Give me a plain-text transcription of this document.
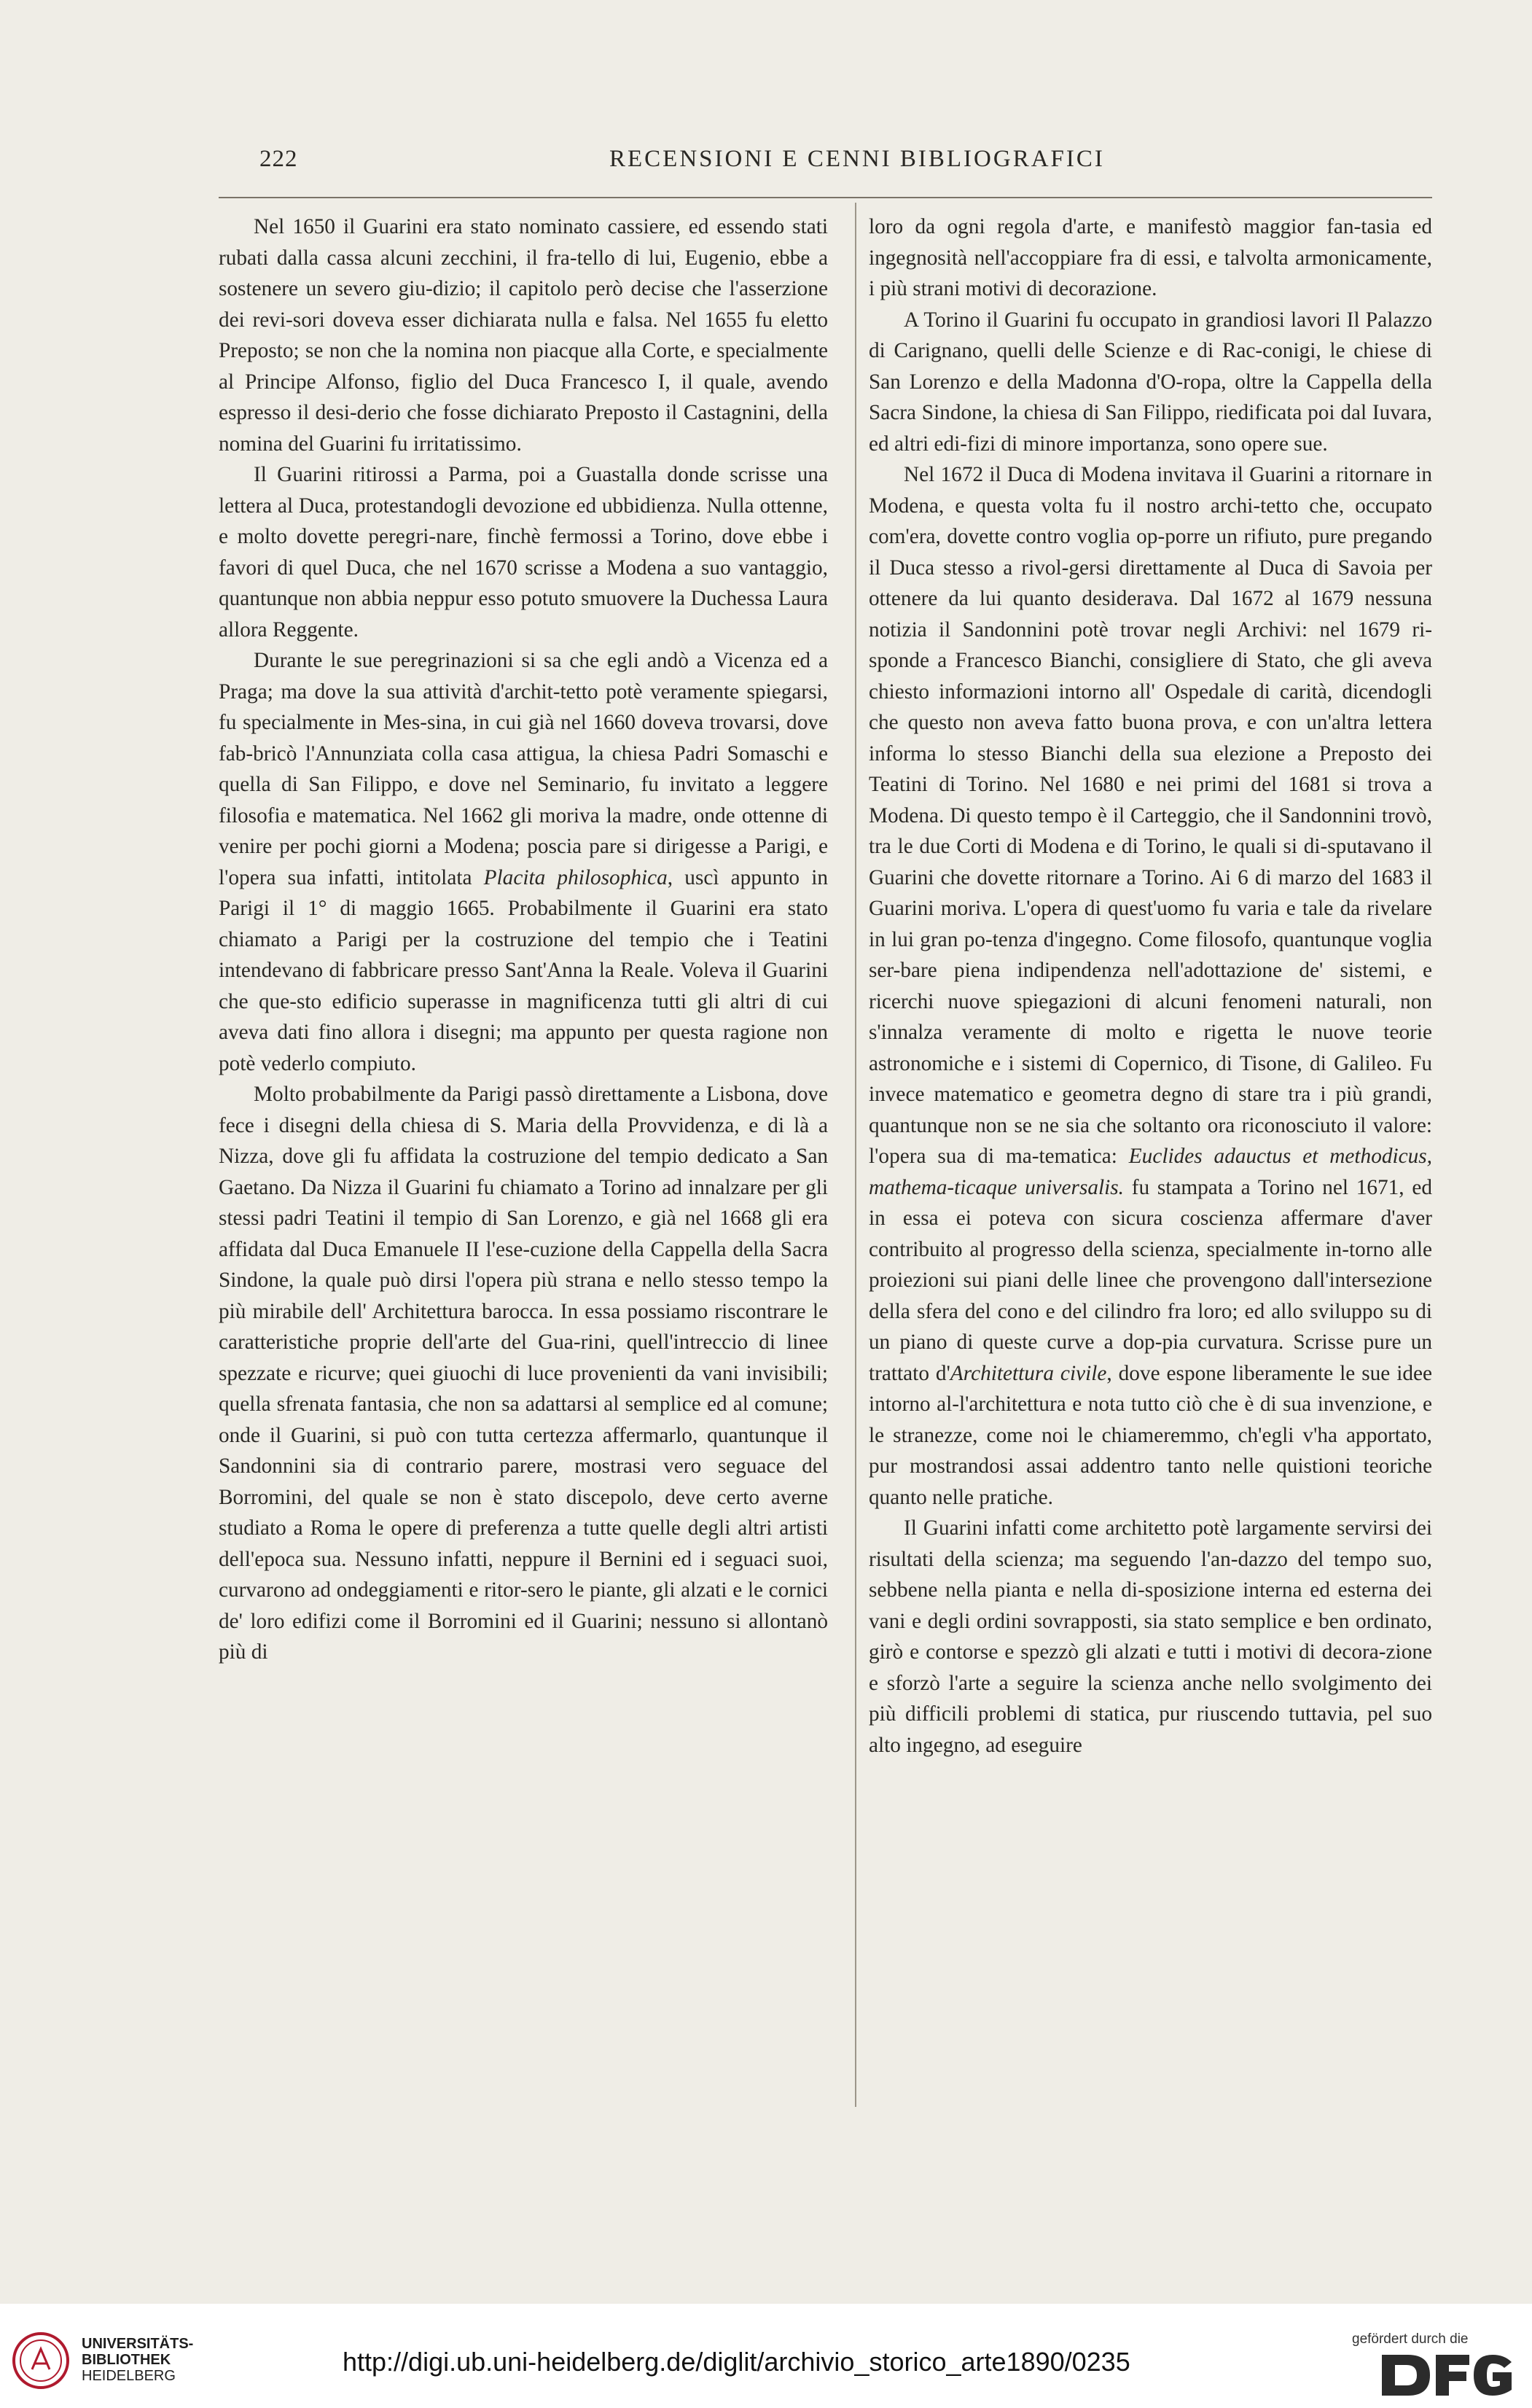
222	RECENSIONI E CENNI BIBLIOGRAFICI

Nel 1650 il Guarini era stato nominato cassiere, ed essendo stati rubati dalla cassa alcuni zecchini, il fra-tello di lui, Eugenio, ebbe a sostenere un severo giu-dizio; il capitolo però decise che l'asserzione dei revi-sori doveva esser dichiarata nulla e falsa. Nel 1655 fu eletto Preposto; se non che la nomina non piacque alla Corte, e specialmente al Principe Alfonso, figlio del Duca Francesco I, il quale, avendo espresso il desi-derio che fosse dichiarato Preposto il Castagnini, della nomina del Guarini fu irritatissimo.

Il Guarini ritirossi a Parma, poi a Guastalla donde scrisse una lettera al Duca, protestandogli devozione ed ubbidienza. Nulla ottenne, e molto dovette peregri-nare, finchè fermossi a Torino, dove ebbe i favori di quel Duca, che nel 1670 scrisse a Modena a suo vantaggio, quantunque non abbia neppur esso potuto smuovere la Duchessa Laura allora Reggente.

Durante le sue peregrinazioni si sa che egli andò a Vicenza ed a Praga; ma dove la sua attività d'archit-tetto potè veramente spiegarsi, fu specialmente in Mes-sina, in cui già nel 1660 doveva trovarsi, dove fab-bricò l'Annunziata colla casa attigua, la chiesa Padri Somaschi e quella di San Filippo, e dove nel Seminario, fu invitato a leggere filosofia e matematica. Nel 1662 gli moriva la madre, onde ottenne di venire per pochi giorni a Modena; poscia pare si dirigesse a Parigi, e l'opera sua infatti, intitolata Placita philosophica, uscì appunto in Parigi il 1° di maggio 1665. Probabilmente il Guarini era stato chiamato a Parigi per la costruzione del tempio che i Teatini intendevano di fabbricare presso Sant'Anna la Reale. Voleva il Guarini che que-sto edificio superasse in magnificenza tutti gli altri di cui aveva dati fino allora i disegni; ma appunto per questa ragione non potè vederlo compiuto.

Molto probabilmente da Parigi passò direttamente a Lisbona, dove fece i disegni della chiesa di S. Maria della Provvidenza, e di là a Nizza, dove gli fu affidata la costruzione del tempio dedicato a San Gaetano. Da Nizza il Guarini fu chiamato a Torino ad innalzare per gli stessi padri Teatini il tempio di San Lorenzo, e già nel 1668 gli era affidata dal Duca Emanuele II l'ese-cuzione della Cappella della Sacra Sindone, la quale può dirsi l'opera più strana e nello stesso tempo la più mirabile dell' Architettura barocca. In essa possiamo riscontrare le caratteristiche proprie dell'arte del Gua-rini, quell'intreccio di linee spezzate e ricurve; quei giuochi di luce provenienti da vani invisibili; quella sfrenata fantasia, che non sa adattarsi al semplice ed al comune; onde il Guarini, si può con tutta certezza affermarlo, quantunque il Sandonnini sia di contrario parere, mostrasi vero seguace del Borromini, del quale se non è stato discepolo, deve certo averne studiato a Roma le opere di preferenza a tutte quelle degli altri artisti dell'epoca sua. Nessuno infatti, neppure il Bernini ed i seguaci suoi, curvarono ad ondeggiamenti e ritor-sero le piante, gli alzati e le cornici de' loro edifizi come il Borromini ed il Guarini; nessuno si allontanò più di

loro da ogni regola d'arte, e manifestò maggior fan-tasia ed ingegnosità nell'accoppiare fra di essi, e talvolta armonicamente, i più strani motivi di decorazione.

A Torino il Guarini fu occupato in grandiosi lavori Il Palazzo di Carignano, quelli delle Scienze e di Rac-conigi, le chiese di San Lorenzo e della Madonna d'O-ropa, oltre la Cappella della Sacra Sindone, la chiesa di San Filippo, riedificata poi dal Iuvara, ed altri edi-fizi di minore importanza, sono opere sue.

Nel 1672 il Duca di Modena invitava il Guarini a ritornare in Modena, e questa volta fu il nostro archi-tetto che, occupato com'era, dovette contro voglia op-porre un rifiuto, pure pregando il Duca stesso a rivol-gersi direttamente al Duca di Savoia per ottenere da lui quanto desiderava. Dal 1672 al 1679 nessuna notizia il Sandonnini potè trovar negli Archivi: nel 1679 ri-sponde a Francesco Bianchi, consigliere di Stato, che gli aveva chiesto informazioni intorno all' Ospedale di carità, dicendogli che questo non aveva fatto buona prova, e con un'altra lettera informa lo stesso Bianchi della sua elezione a Preposto dei Teatini di Torino. Nel 1680 e nei primi del 1681 si trova a Modena. Di questo tempo è il Carteggio, che il Sandonnini trovò, tra le due Corti di Modena e di Torino, le quali si di-sputavano il Guarini che dovette ritornare a Torino. Ai 6 di marzo del 1683 il Guarini moriva. L'opera di quest'uomo fu varia e tale da rivelare in lui gran po-tenza d'ingegno. Come filosofo, quantunque voglia ser-bare piena indipendenza nell'adottazione de' sistemi, e ricerchi nuove spiegazioni di alcuni fenomeni naturali, non s'innalza veramente di molto e rigetta le nuove teorie astronomiche e i sistemi di Copernico, di Tisone, di Galileo. Fu invece matematico e geometra degno di stare tra i più grandi, quantunque non se ne sia che soltanto ora riconosciuto il valore: l'opera sua di ma-tematica: Euclides adauctus et methodicus, mathema-ticaque universalis. fu stampata a Torino nel 1671, ed in essa ei poteva con sicura coscienza affermare d'aver contribuito al progresso della scienza, specialmente in-torno alle proiezioni sui piani delle linee che provengono dall'intersezione della sfera del cono e del cilindro fra loro; ed allo sviluppo su di un piano di queste curve a dop-pia curvatura. Scrisse pure un trattato d'Architettura civile, dove espone liberamente le sue idee intorno al-l'architettura e nota tutto ciò che è di sua invenzione, e le stranezze, come noi le chiameremmo, ch'egli v'ha apportato, pur mostrandosi assai addentro tanto nelle quistioni teoriche quanto nelle pratiche.

Il Guarini infatti come architetto potè largamente servirsi dei risultati della scienza; ma seguendo l'an-dazzo del tempo suo, sebbene nella pianta e nella di-sposizione interna ed esterna dei vani e degli ordini sovrapposti, sia stato semplice e ben ordinato, girò e contorse e spezzò gli alzati e tutti i motivi di decora-zione e sforzò l'arte a seguire la scienza anche nello svolgimento dei più difficili problemi di statica, pur riuscendo tuttavia, pel suo alto ingegno, ad eseguire

UNIVERSITÄTS-
BIBLIOTHEK
HEIDELBERG	http://digi.ub.uni-heidelberg.de/diglit/archivio_storico_arte1890/0235
gefördert durch die
